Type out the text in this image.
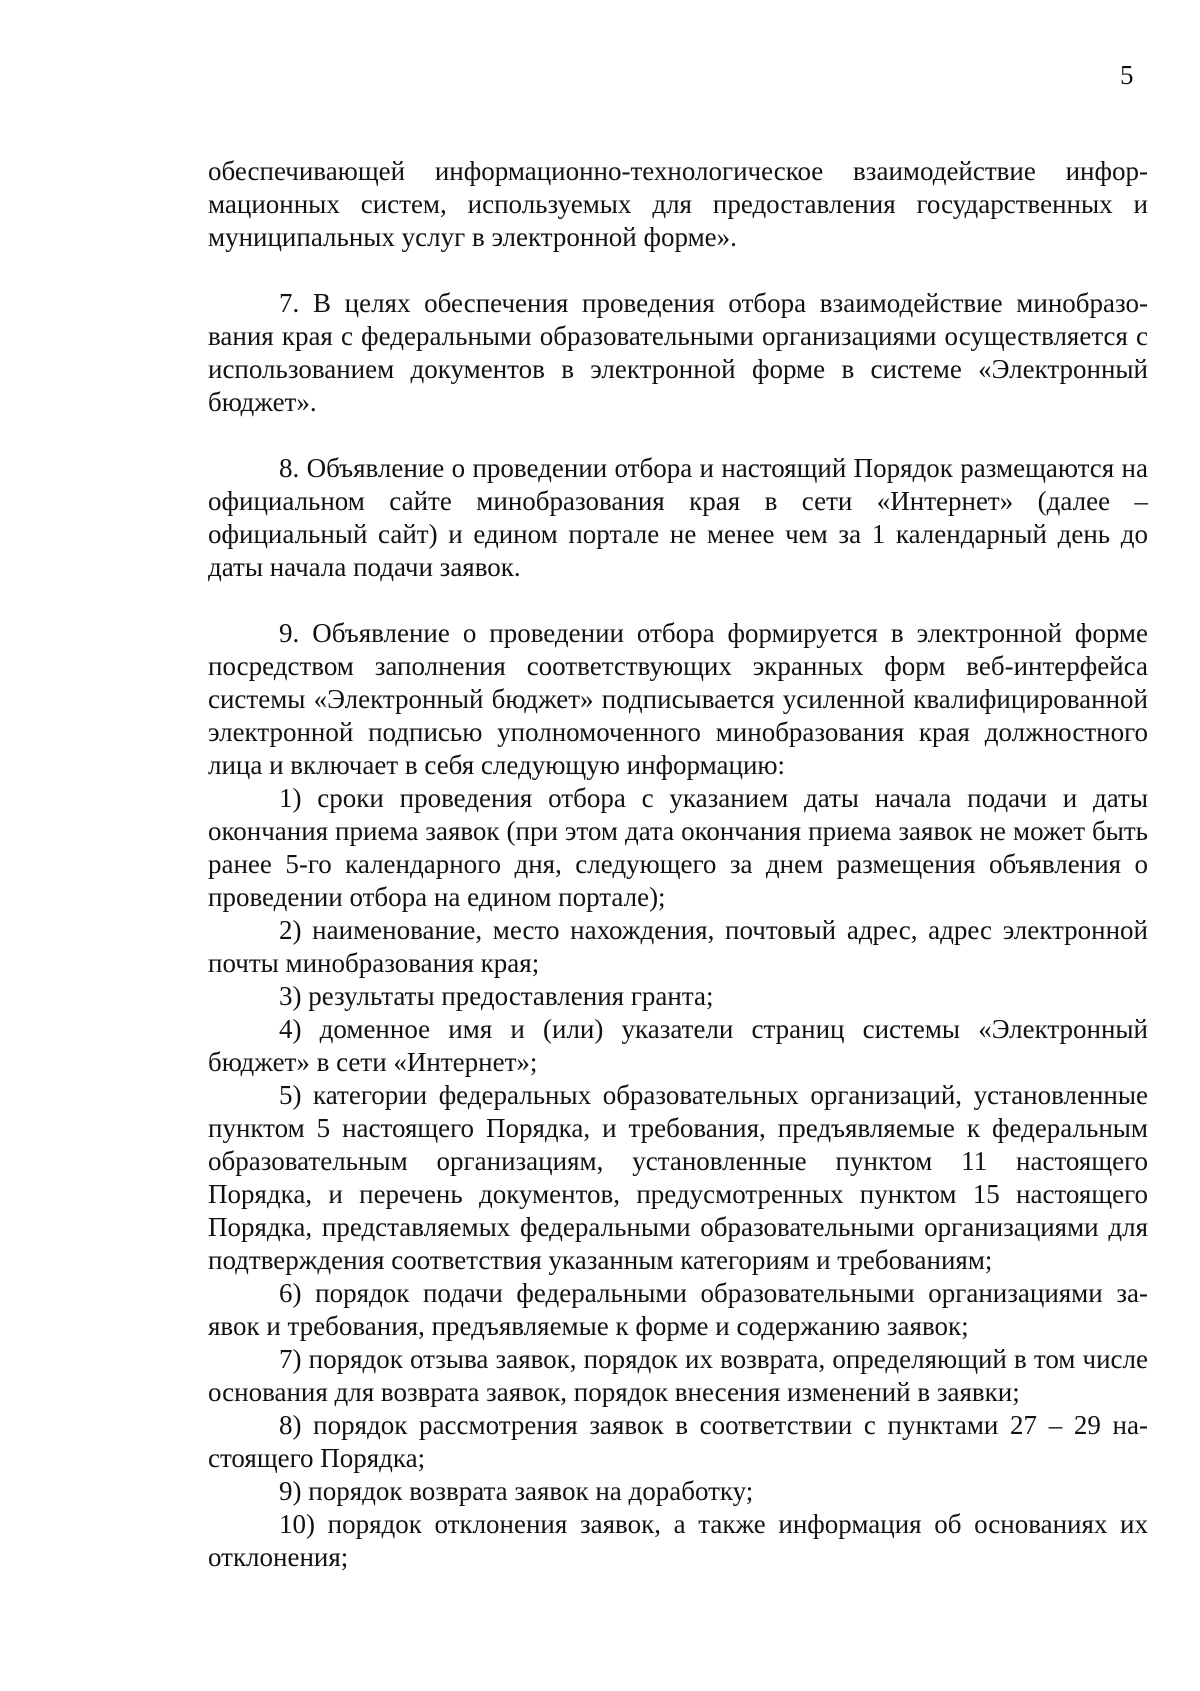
5

обеспечивающей информационно-технологическое взаимодействие информационных систем, используемых для предоставления государственных и муниципальных услуг в электронной форме».

7. В целях обеспечения проведения отбора взаимодействие минобразования края с федеральными образовательными организациями осуществляется с использованием документов в электронной форме в системе «Электронный бюджет».

8. Объявление о проведении отбора и настоящий Порядок размещаются на официальном сайте минобразования края в сети «Интернет» (далее – официальный сайт) и едином портале не менее чем за 1 календарный день до даты начала подачи заявок.

9. Объявление о проведении отбора формируется в электронной форме посредством заполнения соответствующих экранных форм веб-интерфейса системы «Электронный бюджет» подписывается усиленной квалифицированной электронной подписью уполномоченного минобразования края должностного лица и включает в себя следующую информацию:

1) сроки проведения отбора с указанием даты начала подачи и даты окончания приема заявок (при этом дата окончания приема заявок не может быть ранее 5-го календарного дня, следующего за днем размещения объявления о проведении отбора на едином портале);

2) наименование, место нахождения, почтовый адрес, адрес электронной почты минобразования края;

3) результаты предоставления гранта;

4) доменное имя и (или) указатели страниц системы «Электронный бюджет» в сети «Интернет»;

5) категории федеральных образовательных организаций, установленные пунктом 5 настоящего Порядка, и требования, предъявляемые к федеральным образовательным организациям, установленные пунктом 11 настоящего Порядка, и перечень документов, предусмотренных пунктом 15 настоящего Порядка, представляемых федеральными образовательными организациями для подтверждения соответствия указанным категориям и требованиям;

6) порядок подачи федеральными образовательными организациями заявок и требования, предъявляемые к форме и содержанию заявок;

7) порядок отзыва заявок, порядок их возврата, определяющий в том числе основания для возврата заявок, порядок внесения изменений в заявки;

8) порядок рассмотрения заявок в соответствии с пунктами 27 – 29 настоящего Порядка;

9) порядок возврата заявок на доработку;

10) порядок отклонения заявок, а также информация об основаниях их отклонения;
